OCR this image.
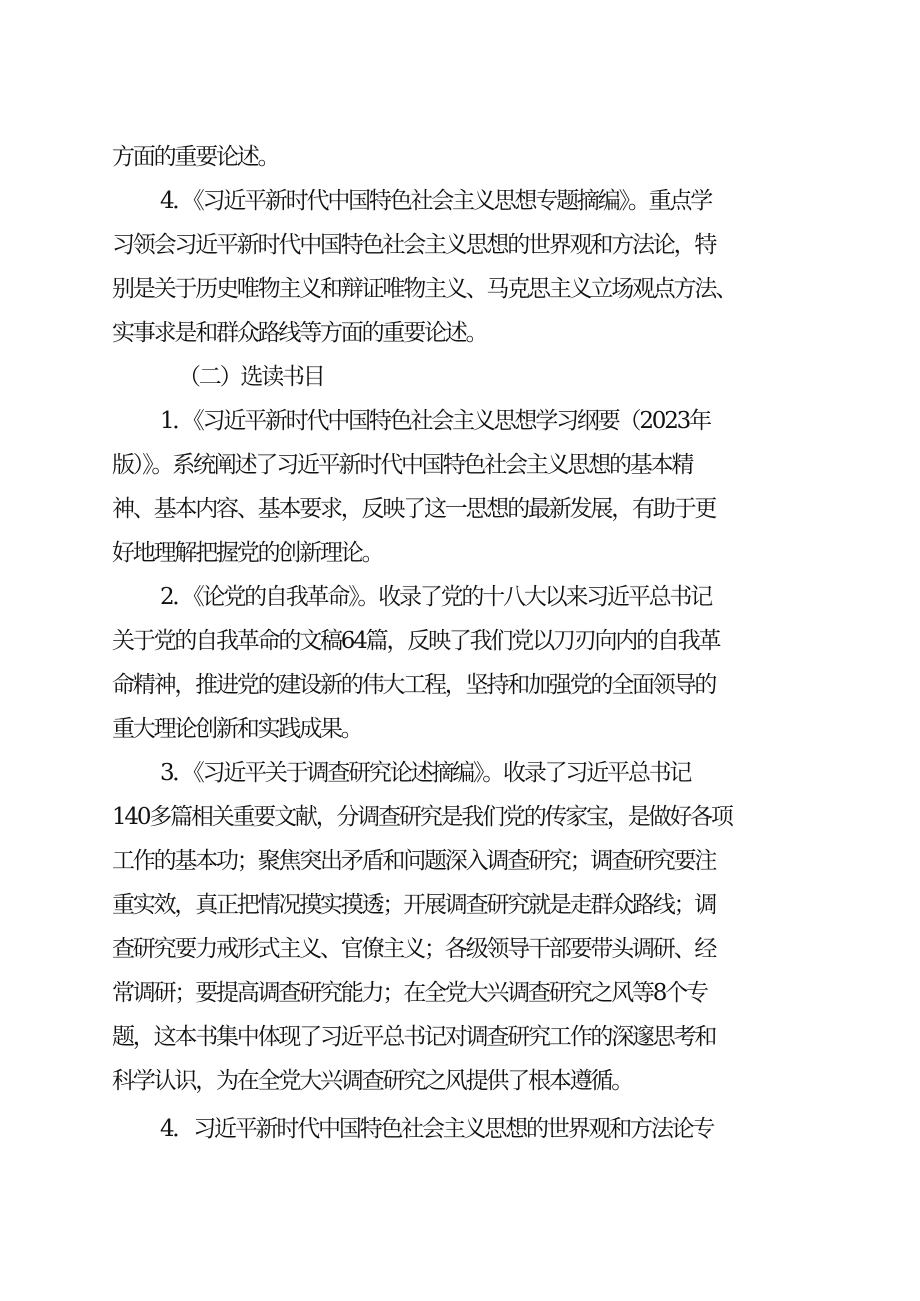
方面的重要论述。

4．《习近平新时代中国特色社会主义思想专题摘编》。重点学

习领会习近平新时代中国特色社会主义思想的世界观和方法论，特

别是关于历史唯物主义和辩证唯物主义、马克思主义立场观点方法、

实事求是和群众路线等方面的重要论述。

（二）选读书目

1．《习近平新时代中国特色社会主义思想学习纲要（2023年

版）》。系统阐述了习近平新时代中国特色社会主义思想的基本精

神、基本内容、基本要求，反映了这一思想的最新发展，有助于更

好地理解把握党的创新理论。

2．《论党的自我革命》。收录了党的十八大以来习近平总书记

关于党的自我革命的文稿64篇，反映了我们党以刀刃向内的自我革

命精神，推进党的建设新的伟大工程，坚持和加强党的全面领导的

重大理论创新和实践成果。

3．《习近平关于调查研究论述摘编》。收录了习近平总书记

140多篇相关重要文献，分调查研究是我们党的传家宝，是做好各项

工作的基本功；聚焦突出矛盾和问题深入调查研究；调查研究要注

重实效，真正把情况摸实摸透；开展调查研究就是走群众路线；调

查研究要力戒形式主义、官僚主义；各级领导干部要带头调研、经

常调研；要提高调查研究能力；在全党大兴调查研究之风等8个专

题，这本书集中体现了习近平总书记对调查研究工作的深邃思考和

科学认识，为在全党大兴调查研究之风提供了根本遵循。

4．习近平新时代中国特色社会主义思想的世界观和方法论专
